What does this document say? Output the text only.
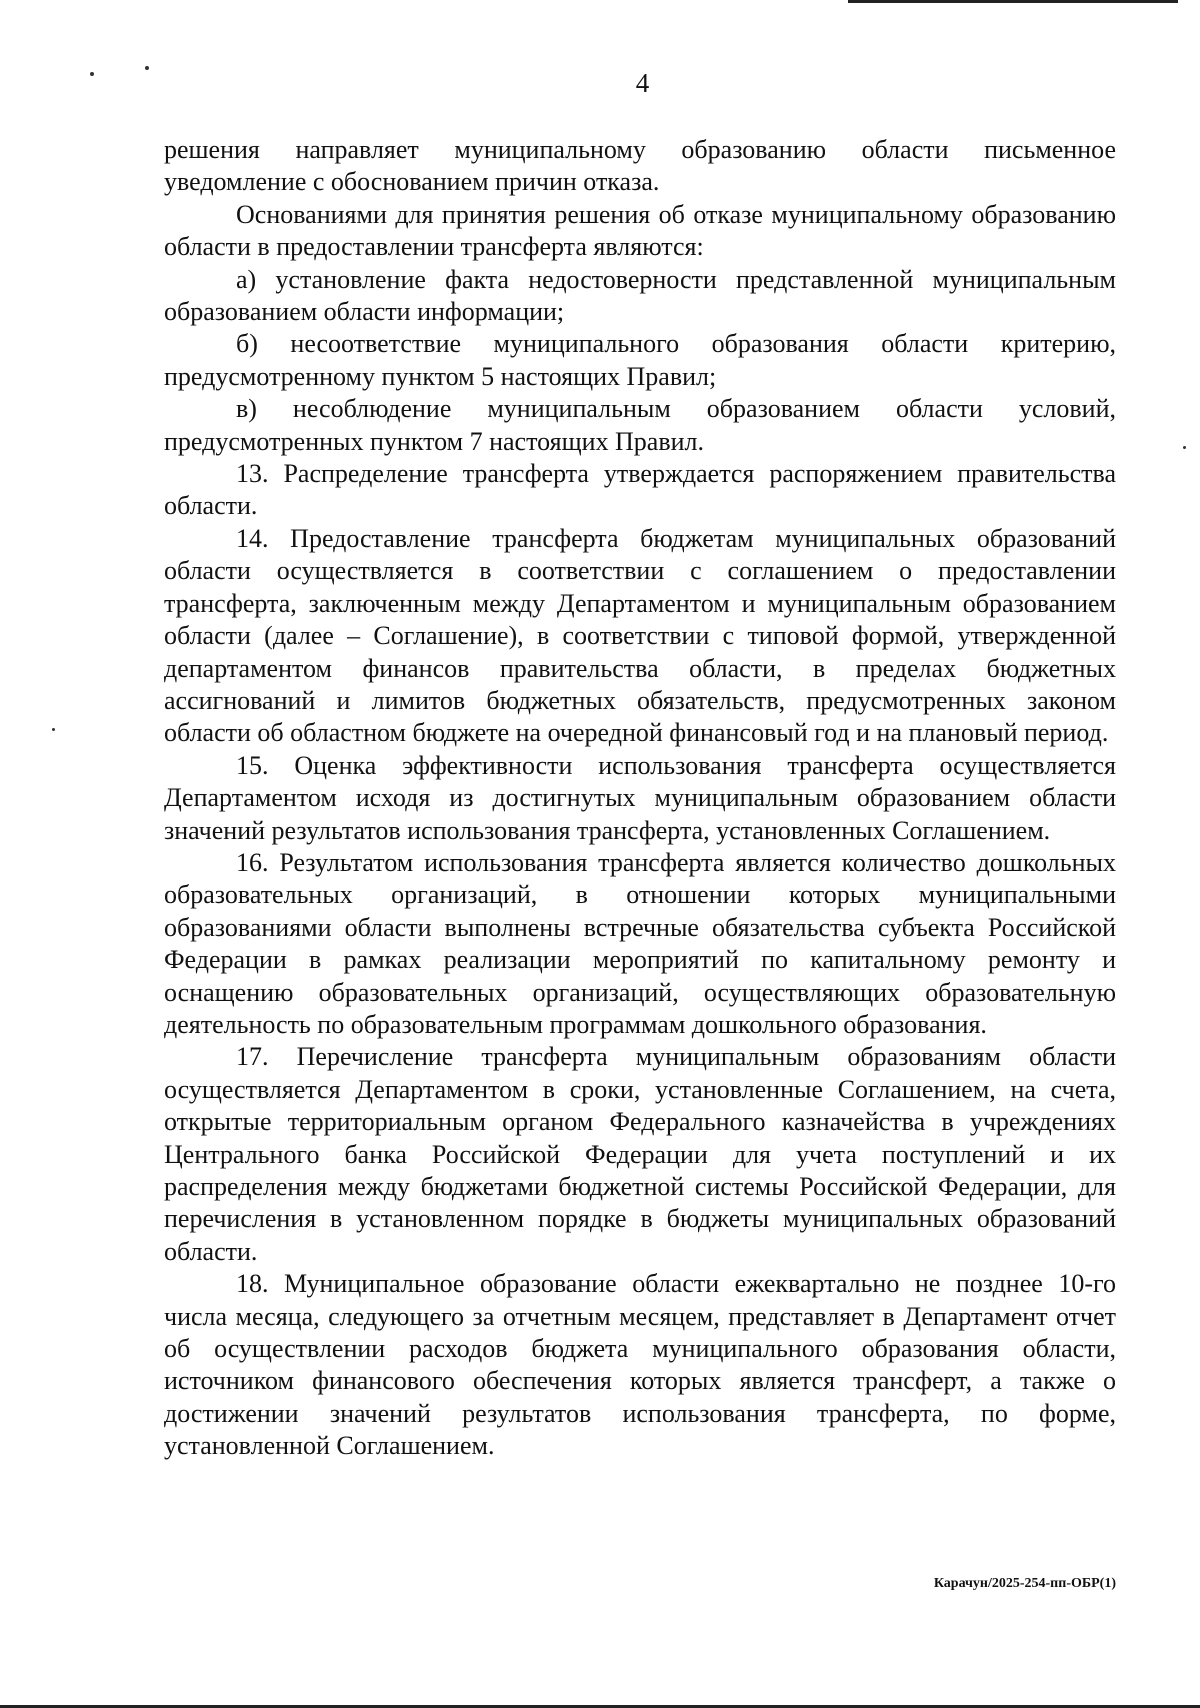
4

решения направляет муниципальному образованию области письменное уведомление с обоснованием причин отказа.

Основаниями для принятия решения об отказе муниципальному образованию области в предоставлении трансферта являются:

а) установление факта недостоверности представленной муниципальным образованием области информации;

б) несоответствие муниципального образования области критерию, предусмотренному пунктом 5 настоящих Правил;

в) несоблюдение муниципальным образованием области условий, предусмотренных пунктом 7 настоящих Правил.

13. Распределение трансферта утверждается распоряжением правительства области.

14. Предоставление трансферта бюджетам муниципальных образований области осуществляется в соответствии с соглашением о предоставлении трансферта, заключенным между Департаментом и муниципальным образованием области (далее – Соглашение), в соответствии с типовой формой, утвержденной департаментом финансов правительства области, в пределах бюджетных ассигнований и лимитов бюджетных обязательств, предусмотренных законом области об областном бюджете на очередной финансовый год и на плановый период.

15. Оценка эффективности использования трансферта осуществляется Департаментом исходя из достигнутых муниципальным образованием области значений результатов использования трансферта, установленных Соглашением.

16. Результатом использования трансферта является количество дошкольных образовательных организаций, в отношении которых муниципальными образованиями области выполнены встречные обязательства субъекта Российской Федерации в рамках реализации мероприятий по капитальному ремонту и оснащению образовательных организаций, осуществляющих образовательную деятельность по образовательным программам дошкольного образования.

17. Перечисление трансферта муниципальным образованиям области осуществляется Департаментом в сроки, установленные Соглашением, на счета, открытые территориальным органом Федерального казначейства в учреждениях Центрального банка Российской Федерации для учета поступлений и их распределения между бюджетами бюджетной системы Российской Федерации, для перечисления в установленном порядке в бюджеты муниципальных образований области.

18. Муниципальное образование области ежеквартально не позднее 10-го числа месяца, следующего за отчетным месяцем, представляет в Департамент отчет об осуществлении расходов бюджета муниципального образования области, источником финансового обеспечения которых является трансферт, а также о достижении значений результатов использования трансферта, по форме, установленной Соглашением.

Карачун/2025-254-пп-ОБР(1)
